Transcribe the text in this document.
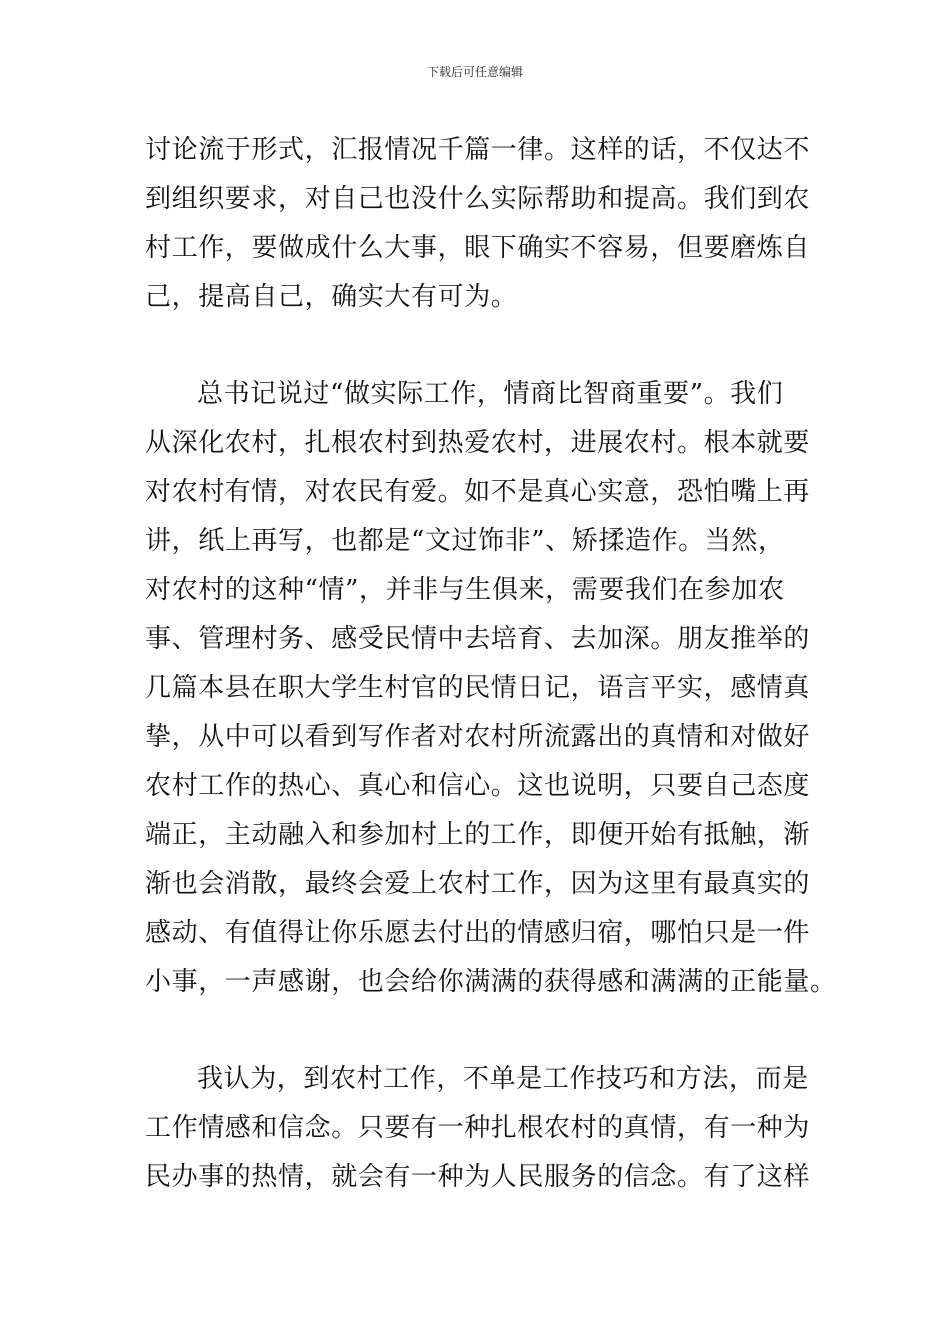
下载后可任意编辑
讨论流于形式，汇报情况千篇一律。这样的话，不仅达不
到组织要求，对自己也没什么实际帮助和提高。我们到农
村工作，要做成什么大事，眼下确实不容易，但要磨炼自
己，提高自己，确实大有可为。
总书记说过“做实际工作，情商比智商重要”。我们
从深化农村，扎根农村到热爱农村，进展农村。根本就要
对农村有情，对农民有爱。如不是真心实意，恐怕嘴上再
讲，纸上再写，也都是“文过饰非”、矫揉造作。当然，
对农村的这种“情”，并非与生俱来，需要我们在参加农
事、管理村务、感受民情中去培育、去加深。朋友推举的
几篇本县在职大学生村官的民情日记，语言平实，感情真
挚，从中可以看到写作者对农村所流露出的真情和对做好
农村工作的热心、真心和信心。这也说明，只要自己态度
端正，主动融入和参加村上的工作，即便开始有抵触，渐
渐也会消散，最终会爱上农村工作，因为这里有最真实的
感动、有值得让你乐愿去付出的情感归宿，哪怕只是一件
小事，一声感谢，也会给你满满的获得感和满满的正能量。
我认为，到农村工作，不单是工作技巧和方法，而是
工作情感和信念。只要有一种扎根农村的真情，有一种为
民办事的热情，就会有一种为人民服务的信念。有了这样
